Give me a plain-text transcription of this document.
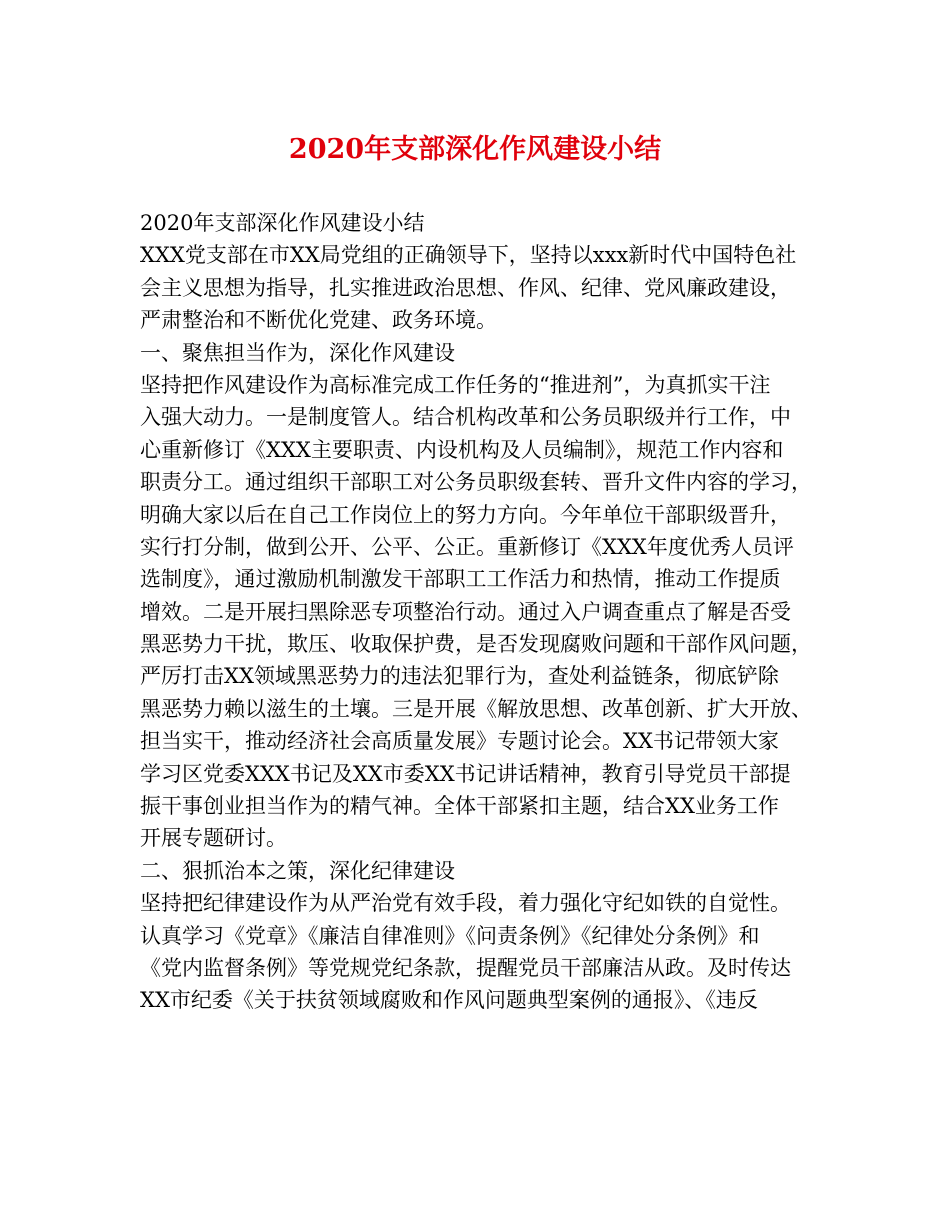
2020年支部深化作风建设小结
2020年支部深化作风建设小结
XXX党支部在市XX局党组的正确领导下，坚持以xxx新时代中国特色社
会主义思想为指导，扎实推进政治思想、作风、纪律、党风廉政建设，
严肃整治和不断优化党建、政务环境。
一、聚焦担当作为，深化作风建设
坚持把作风建设作为高标准完成工作任务的“推进剂”，为真抓实干注
入强大动力。一是制度管人。结合机构改革和公务员职级并行工作，中
心重新修订《XXX主要职责、内设机构及人员编制》，规范工作内容和
职责分工。通过组织干部职工对公务员职级套转、晋升文件内容的学习，
明确大家以后在自己工作岗位上的努力方向。今年单位干部职级晋升，
实行打分制，做到公开、公平、公正。重新修订《XXX年度优秀人员评
选制度》，通过激励机制激发干部职工工作活力和热情，推动工作提质
增效。二是开展扫黑除恶专项整治行动。通过入户调查重点了解是否受
黑恶势力干扰，欺压、收取保护费，是否发现腐败问题和干部作风问题，
严厉打击XX领域黑恶势力的违法犯罪行为，查处利益链条，彻底铲除
黑恶势力赖以滋生的土壤。三是开展《解放思想、改革创新、扩大开放、
担当实干，推动经济社会高质量发展》专题讨论会。XX书记带领大家
学习区党委XXX书记及XX市委XX书记讲话精神，教育引导党员干部提
振干事创业担当作为的精气神。全体干部紧扣主题，结合XX业务工作
开展专题研讨。
二、狠抓治本之策，深化纪律建设
坚持把纪律建设作为从严治党有效手段，着力强化守纪如铁的自觉性。
认真学习《党章》《廉洁自律准则》《问责条例》《纪律处分条例》和
《党内监督条例》等党规党纪条款，提醒党员干部廉洁从政。及时传达
XX市纪委《关于扶贫领域腐败和作风问题典型案例的通报》、《违反
